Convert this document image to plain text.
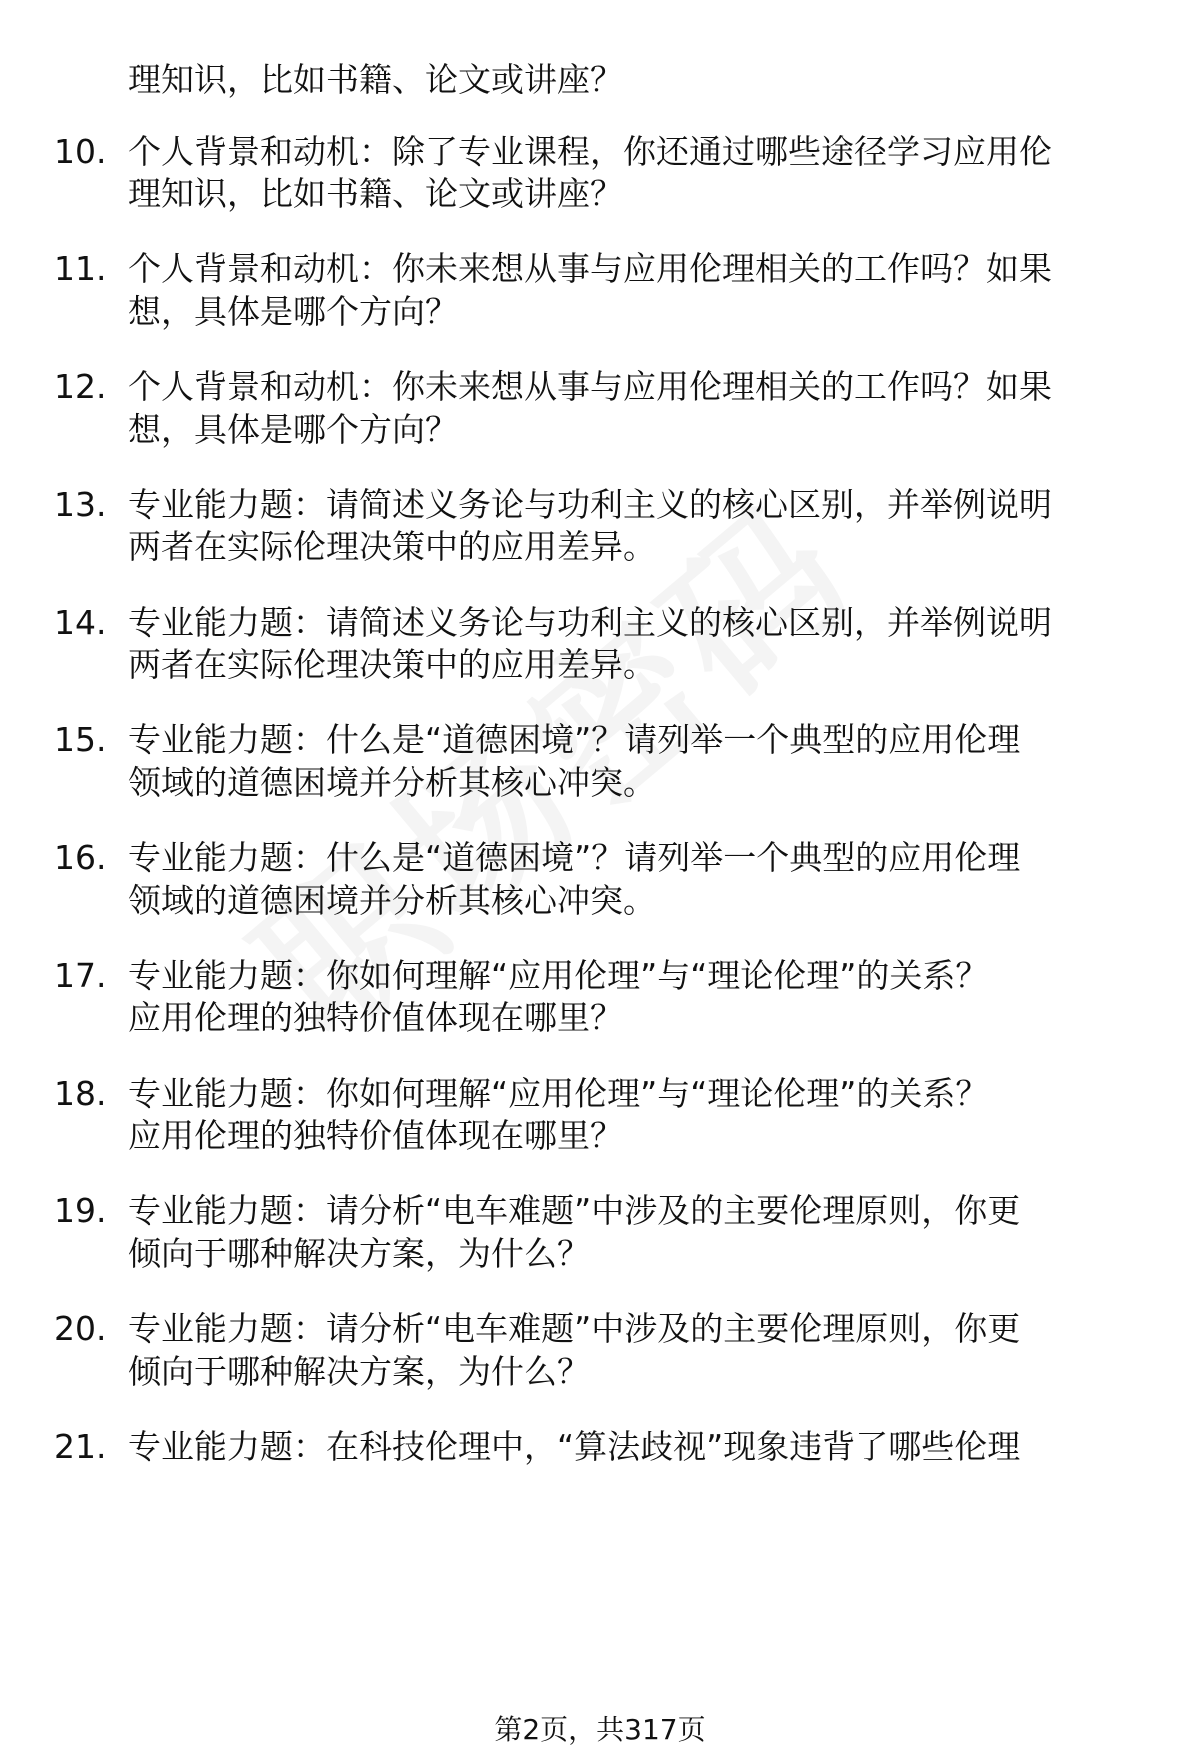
理知识，比如书籍、论文或讲座？
10. 个人背景和动机：除了专业课程，你还通过哪些途径学习应用伦
理知识，比如书籍、论文或讲座？
11. 个人背景和动机：你未来想从事与应用伦理相关的工作吗？如果
想，具体是哪个方向？
12. 个人背景和动机：你未来想从事与应用伦理相关的工作吗？如果
想，具体是哪个方向？
13. 专业能力题：请简述义务论与功利主义的核心区别，并举例说明
两者在实际伦理决策中的应用差异。
14. 专业能力题：请简述义务论与功利主义的核心区别，并举例说明
两者在实际伦理决策中的应用差异。
15. 专业能力题：什么是“道德困境”？请列举一个典型的应用伦理
领域的道德困境并分析其核心冲突。
16. 专业能力题：什么是“道德困境”？请列举一个典型的应用伦理
领域的道德困境并分析其核心冲突。
17. 专业能力题：你如何理解“应用伦理”与“理论伦理”的关系？
应用伦理的独特价值体现在哪里？
18. 专业能力题：你如何理解“应用伦理”与“理论伦理”的关系？
应用伦理的独特价值体现在哪里？
19. 专业能力题：请分析“电车难题”中涉及的主要伦理原则，你更
倾向于哪种解决方案，为什么？
20. 专业能力题：请分析“电车难题”中涉及的主要伦理原则，你更
倾向于哪种解决方案，为什么？
21. 专业能力题：在科技伦理中，“算法歧视”现象违背了哪些伦理
第2页，共317页
